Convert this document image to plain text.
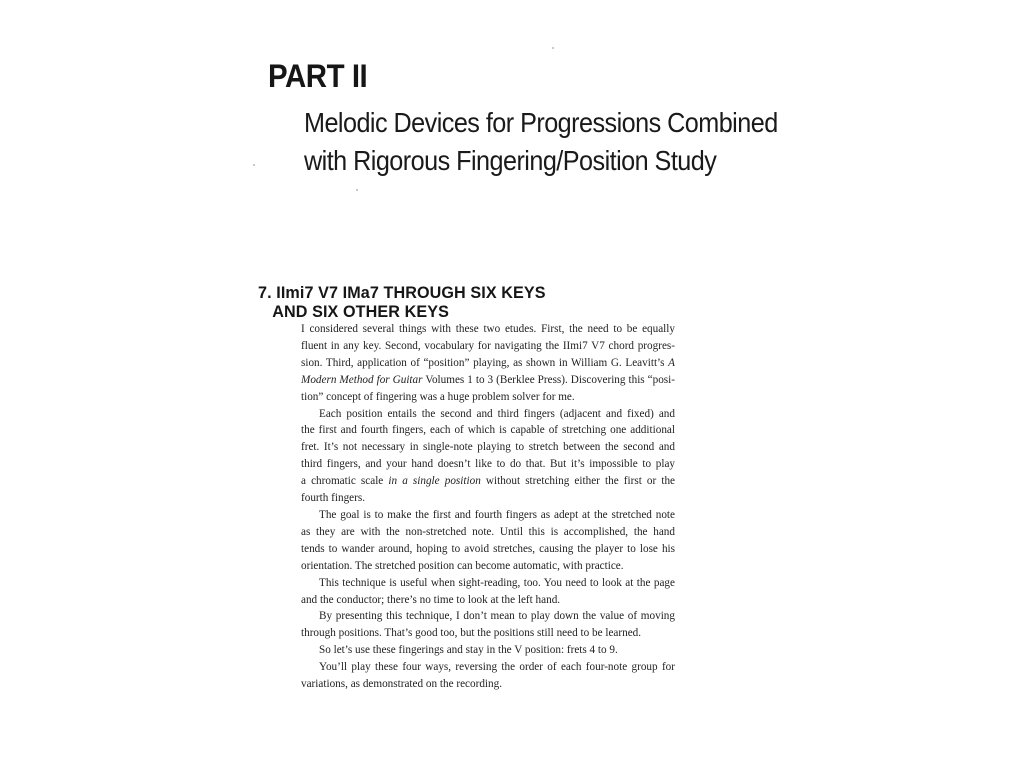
PART II
Melodic Devices for Progressions Combined
with Rigorous Fingering/Position Study
7. IImi7 V7 IMa7 THROUGH SIX KEYS
AND SIX OTHER KEYS
I considered several things with these two etudes. First, the need to be equally
fluent in any key. Second, vocabulary for navigating the IImi7 V7 chord progres-
sion. Third, application of “position” playing, as shown in William G. Leavitt’s A
Modern Method for Guitar Volumes 1 to 3 (Berklee Press). Discovering this “posi-
tion” concept of fingering was a huge problem solver for me.
Each position entails the second and third fingers (adjacent and fixed) and
the first and fourth fingers, each of which is capable of stretching one additional
fret. It’s not necessary in single-note playing to stretch between the second and
third fingers, and your hand doesn’t like to do that. But it’s impossible to play
a chromatic scale in a single position without stretching either the first or the
fourth fingers.
The goal is to make the first and fourth fingers as adept at the stretched note
as they are with the non-stretched note. Until this is accomplished, the hand
tends to wander around, hoping to avoid stretches, causing the player to lose his
orientation. The stretched position can become automatic, with practice.
This technique is useful when sight-reading, too. You need to look at the page
and the conductor; there’s no time to look at the left hand.
By presenting this technique, I don’t mean to play down the value of moving
through positions. That’s good too, but the positions still need to be learned.
So let’s use these fingerings and stay in the V position: frets 4 to 9.
You’ll play these four ways, reversing the order of each four-note group for
variations, as demonstrated on the recording.
